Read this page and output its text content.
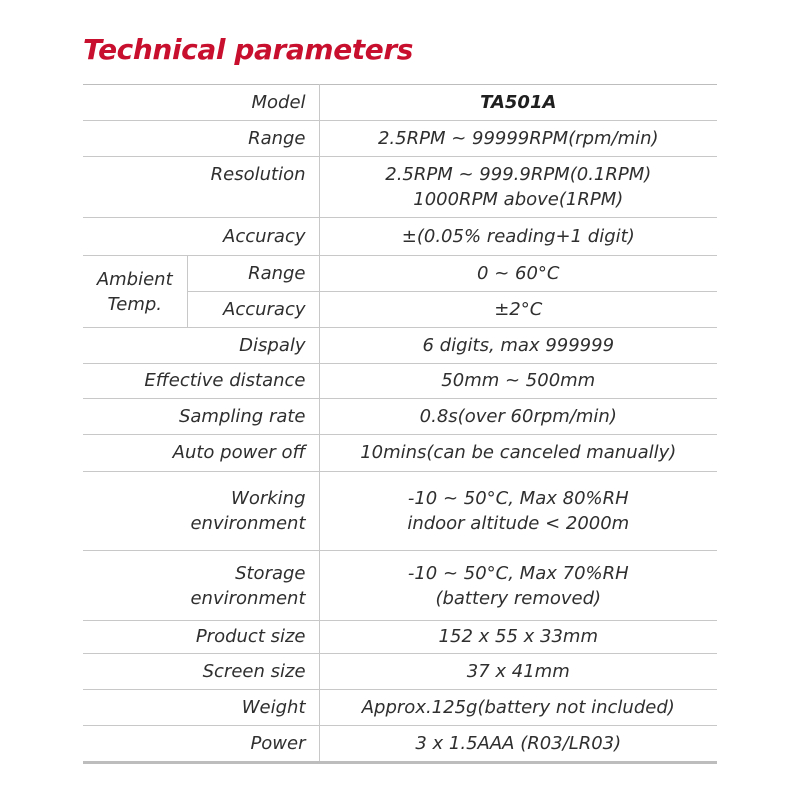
Technical parameters
Model		TA501A
Range		2.5RPM ~ 99999RPM(rpm/min)
Resolution		2.5RPM ~ 999.9RPM(0.1RPM)
1000RPM above(1RPM)

Accuracy		±(0.05% reading+1 digit)

Ambient
Temp.	Range	0 ~ 60°C
	Accuracy	±2°C
Dispaly		6 digits, max 999999
Effective distance		50mm ~ 500mm
Sampling rate		0.8s(over 60rpm/min)
Auto power off		10mins(can be canceled manually)

Working
environment		-10 ~ 50°C, Max 80%RH
indoor altitude < 2000m

Storage
environment		-10 ~ 50°C, Max 70%RH
(battery removed)

Product size		152 x 55 x 33mm
Screen size		37 x 41mm
Weight		Approx.125g(battery not included)
Power		3 x 1.5AAA (R03/LR03)
